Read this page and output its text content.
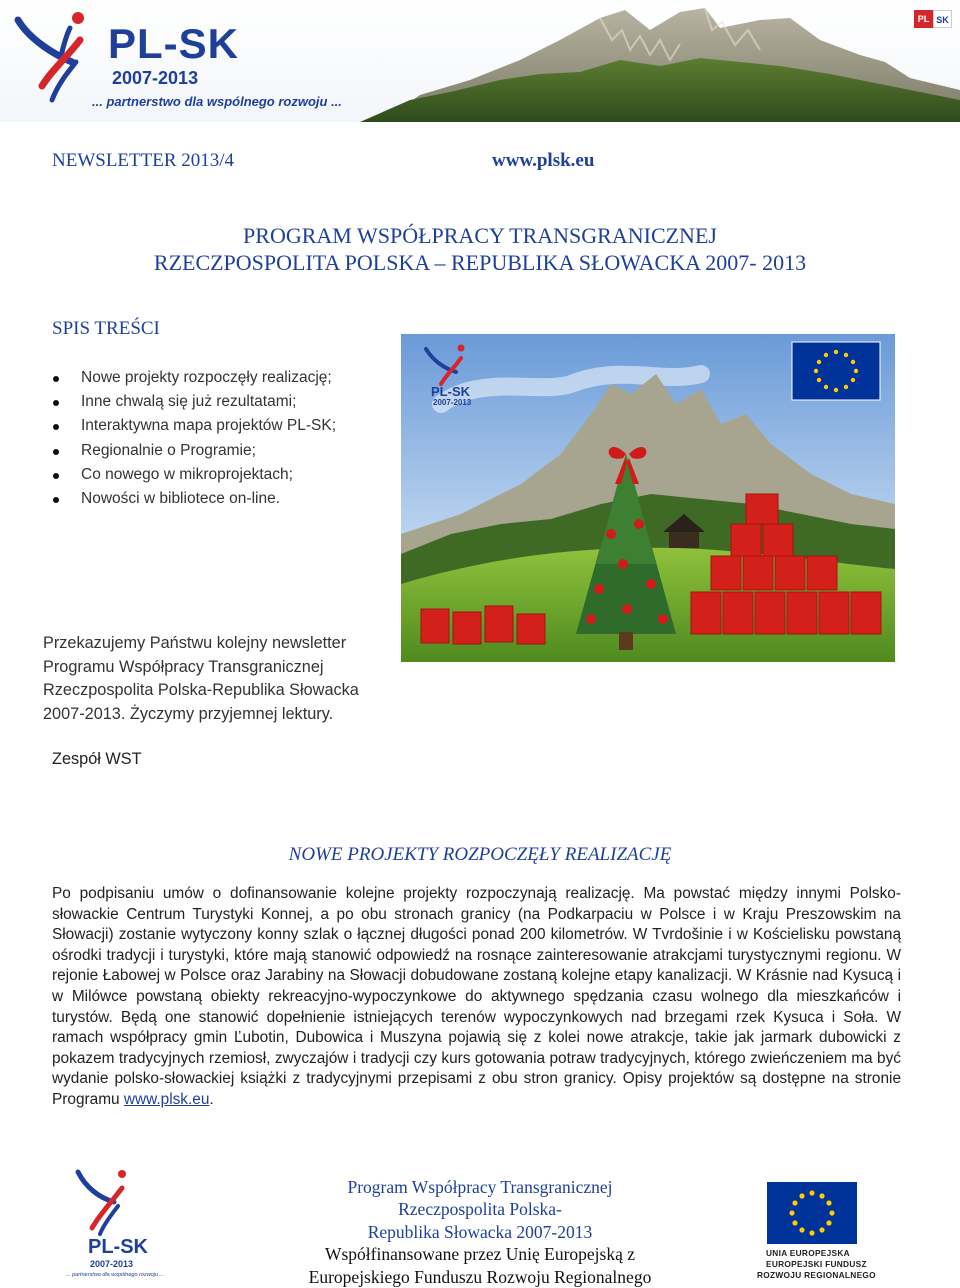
PL-SK
2007-2013
... partnerstwo dla wspólnego rozwoju ...
PL SK
NEWSLETTER 2013/4	www.plsk.eu
PROGRAM WSPÓŁPRACY TRANSGRANICZNEJ
RZECZPOSPOLITA POLSKA – REPUBLIKA SŁOWACKA 2007- 2013
SPIS TREŚCI
Nowe projekty rozpoczęły realizację;
Inne chwalą się już rezultatami;
Interaktywna mapa projektów PL-SK;
Regionalnie o Programie;
Co nowego w mikroprojektach;
Nowości w bibliotece on-line.
Przekazujemy Państwu kolejny newsletter Programu Współpracy Transgranicznej Rzeczpospolita Polska-Republika Słowacka 2007-2013. Życzymy przyjemnej lektury.
Zespół WST
PL-SK
2007-2013
NOWE PROJEKTY ROZPOCZĘŁY REALIZACJĘ
Po podpisaniu umów o dofinansowanie kolejne projekty rozpoczynają realizację. Ma powstać między innymi Polsko-słowackie Centrum Turystyki Konnej, a po obu stronach granicy (na Podkarpaciu w Polsce i w Kraju Preszowskim na Słowacji) zostanie wytyczony konny szlak o łącznej długości ponad 200 kilometrów. W Tvrdošinie i w Kościelisku powstaną ośrodki tradycji i turystyki, które mają stanowić odpowiedź na rosnące zainteresowanie atrakcjami turystycznymi regionu. W rejonie Łabowej w Polsce oraz Jarabiny na Słowacji dobudowane zostaną kolejne etapy kanalizacji. W Krásnie nad Kysucą i w Milówce powstaną obiekty rekreacyjno-wypoczynkowe do aktywnego spędzania czasu wolnego dla mieszkańców i turystów. Będą one stanowić dopełnienie istniejących terenów wypoczynkowych nad brzegami rzek Kysuca i Soła. W ramach współpracy gmin Ľubotin, Dubowica i Muszyna pojawią się z kolei nowe atrakcje, takie jak jarmark dubowicki z pokazem tradycyjnych rzemiosł, zwyczajów i tradycji czy kurs gotowania potraw tradycyjnych, którego zwieńczeniem ma być wydanie polsko-słowackiej książki z tradycyjnymi przepisami z obu stron granicy. Opisy projektów są dostępne na stronie Programu www.plsk.eu.
PL-SK
2007-2013
... partnerstwo dla wspólnego rozwoju ...
Program Współpracy Transgranicznej
Rzeczpospolita Polska-
Republika Słowacka 2007-2013
Współfinansowane przez Unię Europejską z
Europejskiego Funduszu Rozwoju Regionalnego
UNIA EUROPEJSKA
EUROPEJSKI FUNDUSZ
ROZWOJU REGIONALNEGO
